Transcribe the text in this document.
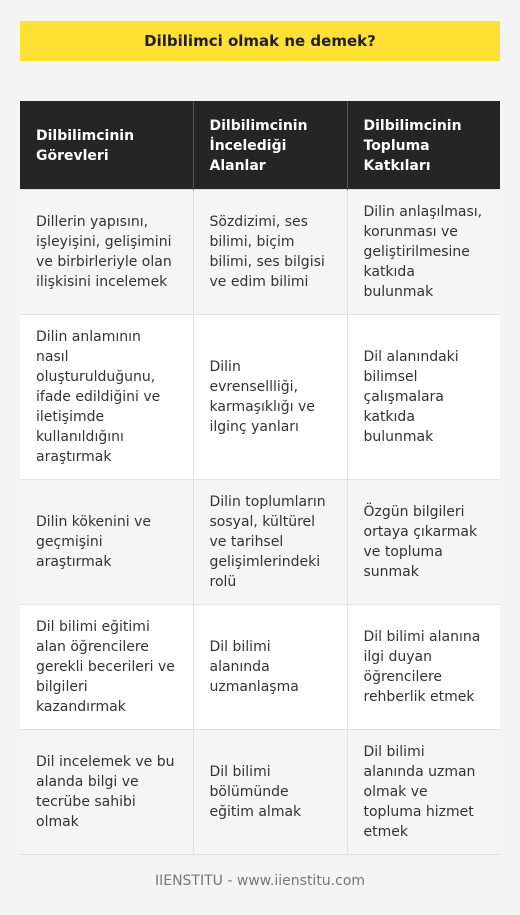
Dilbilimci olmak ne demek?
Dilbilimcinin Görevleri	Dilbilimcinin İncelediği Alanlar	Dilbilimcinin Topluma Katkıları
Dillerin yapısını, işleyişini, gelişimini ve birbirleriyle olan ilişkisini incelemek	Sözdizimi, ses bilimi, biçim bilimi, ses bilgisi ve edim bilimi	Dilin anlaşılması, korunması ve geliştirilmesine katkıda bulunmak
Dilin anlamının nasıl oluşturulduğunu, ifade edildiğini ve iletişimde kullanıldığını araştırmak	Dilin evrensellliği, karmaşıklığı ve ilginç yanları	Dil alanındaki bilimsel çalışmalara katkıda bulunmak
Dilin kökenini ve geçmişini araştırmak	Dilin toplumların sosyal, kültürel ve tarihsel gelişimlerindeki rolü	Özgün bilgileri ortaya çıkarmak ve topluma sunmak
Dil bilimi eğitimi alan öğrencilere gerekli becerileri ve bilgileri kazandırmak	Dil bilimi alanında uzmanlaşma	Dil bilimi alanına ilgi duyan öğrencilere rehberlik etmek
Dil incelemek ve bu alanda bilgi ve tecrübe sahibi olmak	Dil bilimi bölümünde eğitim almak	Dil bilimi alanında uzman olmak ve topluma hizmet etmek
IIENSTITU - www.iienstitu.com
